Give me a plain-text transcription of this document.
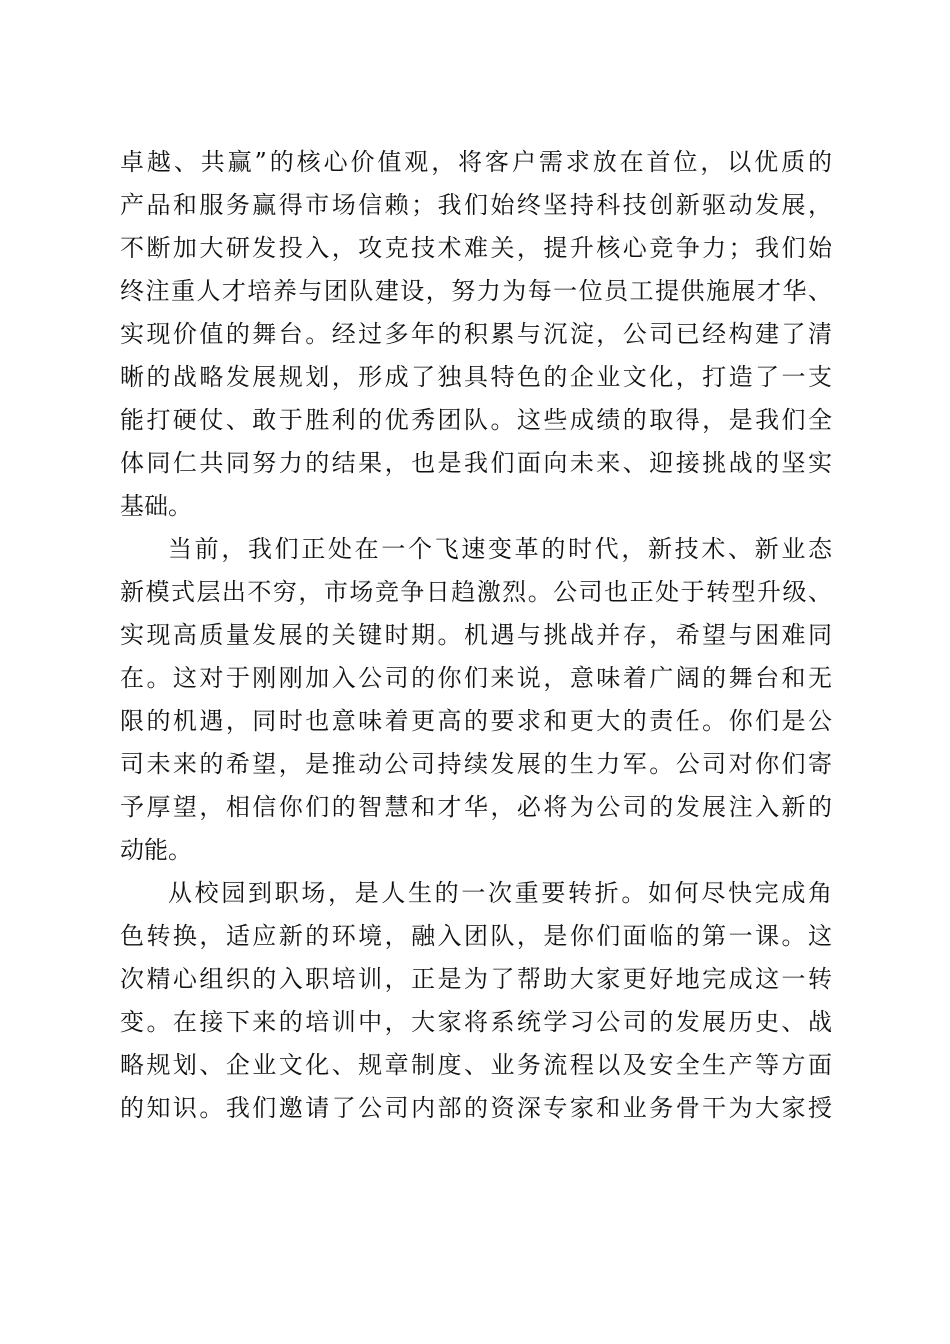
卓越、共赢”的核心价值观，将客户需求放在首位，以优质的

产品和服务赢得市场信赖；我们始终坚持科技创新驱动发展，

不断加大研发投入，攻克技术难关，提升核心竞争力；我们始

终注重人才培养与团队建设，努力为每一位员工提供施展才华、

实现价值的舞台。经过多年的积累与沉淀，公司已经构建了清

晰的战略发展规划，形成了独具特色的企业文化，打造了一支

能打硬仗、敢于胜利的优秀团队。这些成绩的取得，是我们全

体同仁共同努力的结果，也是我们面向未来、迎接挑战的坚实

基础。

当前，我们正处在一个飞速变革的时代，新技术、新业态

新模式层出不穷，市场竞争日趋激烈。公司也正处于转型升级、

实现高质量发展的关键时期。机遇与挑战并存，希望与困难同

在。这对于刚刚加入公司的你们来说，意味着广阔的舞台和无

限的机遇，同时也意味着更高的要求和更大的责任。你们是公

司未来的希望，是推动公司持续发展的生力军。公司对你们寄

予厚望，相信你们的智慧和才华，必将为公司的发展注入新的

动能。

从校园到职场，是人生的一次重要转折。如何尽快完成角

色转换，适应新的环境，融入团队，是你们面临的第一课。这

次精心组织的入职培训，正是为了帮助大家更好地完成这一转

变。在接下来的培训中，大家将系统学习公司的发展历史、战

略规划、企业文化、规章制度、业务流程以及安全生产等方面

的知识。我们邀请了公司内部的资深专家和业务骨干为大家授
